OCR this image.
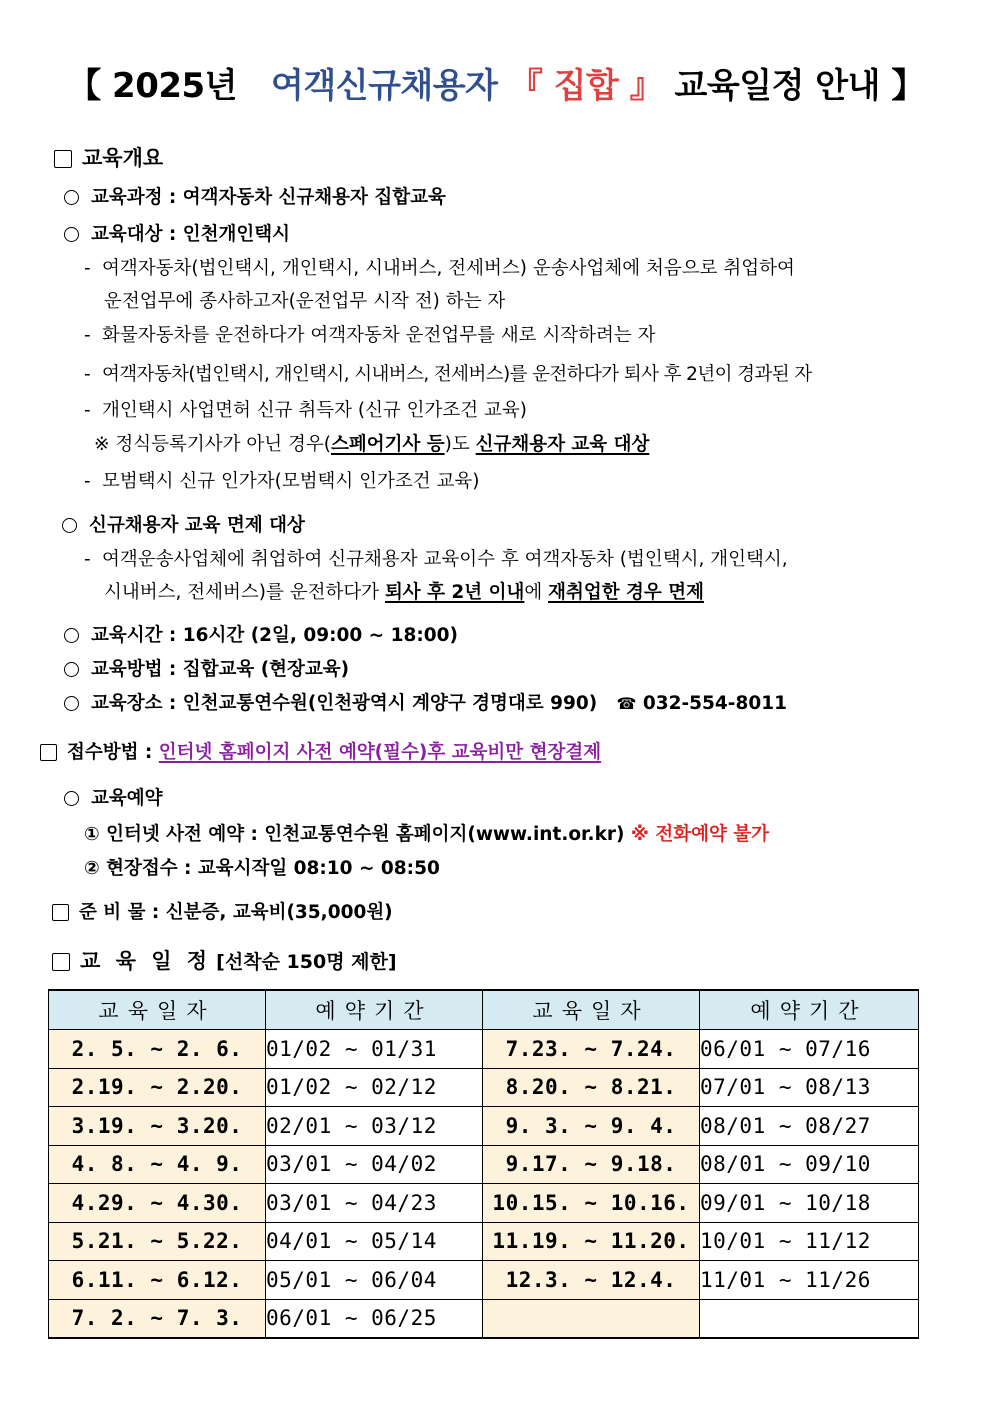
【 2025년 여객신규채용자 『 집합 』 교육일정 안내 】
교육개요
교육과정 : 여객자동차 신규채용자 집합교육
교육대상 : 인천개인택시
- 여객자동차(법인택시, 개인택시, 시내버스, 전세버스) 운송사업체에 처음으로 취업하여
운전업무에 종사하고자(운전업무 시작 전) 하는 자
- 화물자동차를 운전하다가 여객자동차 운전업무를 새로 시작하려는 자
- 여객자동차(법인택시, 개인택시, 시내버스, 전세버스)를 운전하다가 퇴사 후 2년이 경과된 자
- 개인택시 사업면허 신규 취득자 (신규 인가조건 교육)
※ 정식등록기사가 아닌 경우(스페어기사 등)도 신규채용자 교육 대상
- 모범택시 신규 인가자(모범택시 인가조건 교육)
신규채용자 교육 면제 대상
- 여객운송사업체에 취업하여 신규채용자 교육이수 후 여객자동차 (법인택시, 개인택시,
시내버스, 전세버스)를 운전하다가 퇴사 후 2년 이내에 재취업한 경우 면제
교육시간 : 16시간 (2일, 09:00 ~ 18:00)
교육방법 : 집합교육 (현장교육)
교육장소 : 인천교통연수원(인천광역시 계양구 경명대로 990) ☎ 032-554-8011
접수방법 : 인터넷 홈페이지 사전 예약(필수)후 교육비만 현장결제
교육예약
① 인터넷 사전 예약 : 인천교통연수원 홈페이지(www.int.or.kr) ※ 전화예약 불가
② 현장접수 : 교육시작일 08:10 ~ 08:50
준 비 물 : 신분증, 교육비(35,000원)
교 육 일 정 [선착순 150명 제한]
교육일자	예약기간	교육일자	예약기간
2. 5. ~ 2. 6.	01/02 ~ 01/31	7.23. ~ 7.24.	06/01 ~ 07/16
2.19. ~ 2.20.	01/02 ~ 02/12	8.20. ~ 8.21.	07/01 ~ 08/13
3.19. ~ 3.20.	02/01 ~ 03/12	9. 3. ~ 9. 4.	08/01 ~ 08/27
4. 8. ~ 4. 9.	03/01 ~ 04/02	9.17. ~ 9.18.	08/01 ~ 09/10
4.29. ~ 4.30.	03/01 ~ 04/23	10.15. ~ 10.16.	09/01 ~ 10/18
5.21. ~ 5.22.	04/01 ~ 05/14	11.19. ~ 11.20.	10/01 ~ 11/12
6.11. ~ 6.12.	05/01 ~ 06/04	12.3. ~ 12.4.	11/01 ~ 11/26
7. 2. ~ 7. 3.	06/01 ~ 06/25		
